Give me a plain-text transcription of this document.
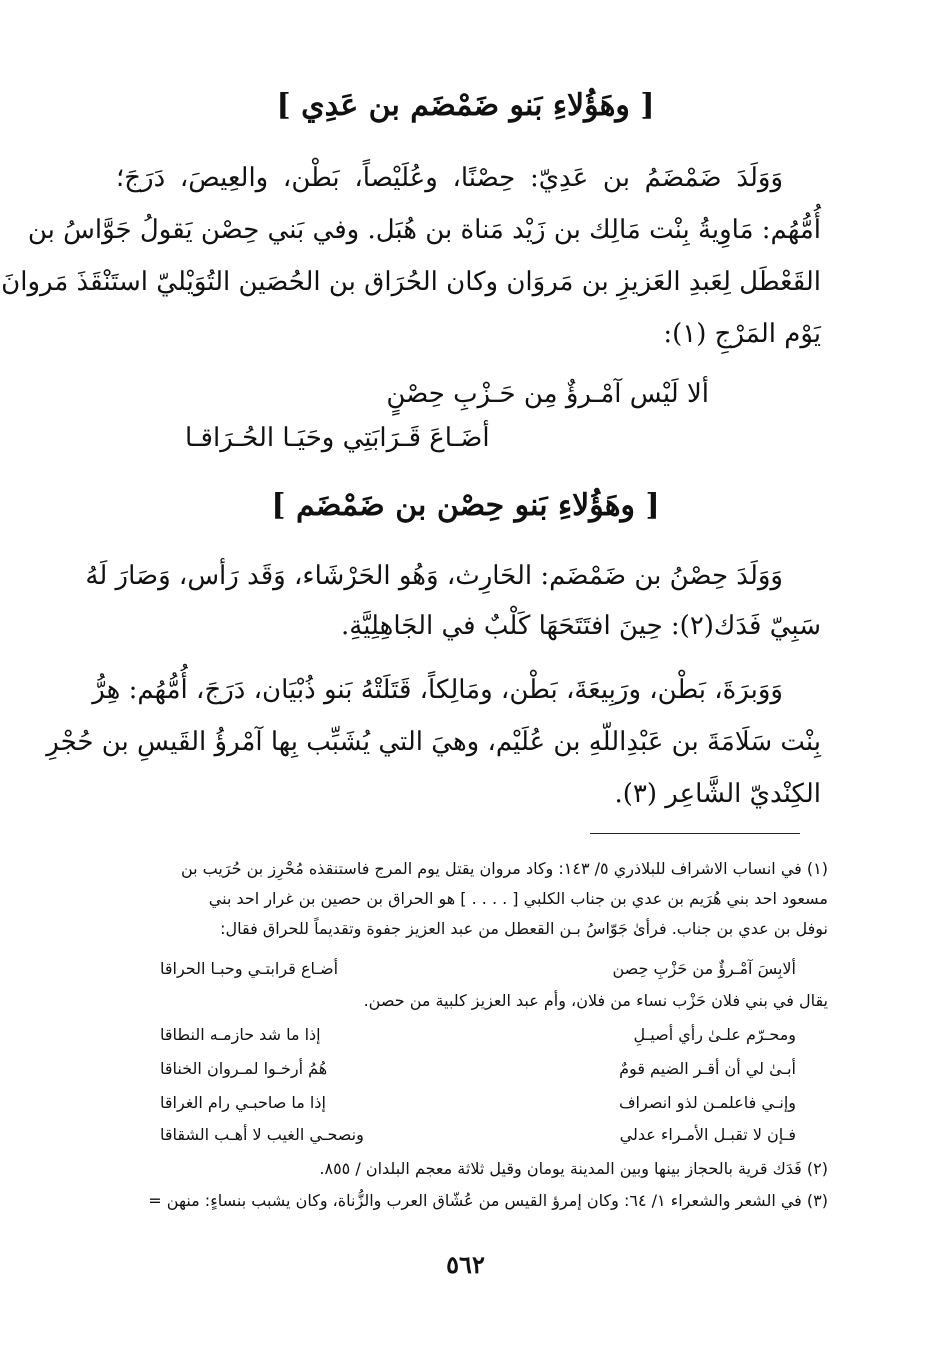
[ وهَؤُلاءِ بَنو ضَمْضَم بن عَدِي ]
وَوَلَدَ ضَمْضَمُ بن عَدِيّ: حِصْنًا، وعُلَيْصاً، بَطْن، والعِيصَ، دَرَجَ؛
أُمُّهُم: مَاوِيةُ بِنْت مَالِك بن زَيْد مَناة بن هُبَل. وفي بَني حِصْن يَقولُ جَوَّاسُ بن
القَعْطَل لِعَبدِ العَزيزِ بن مَروَان وكان الحُرَاق بن الحُصَين التُوَيْليّ استَنْقَذَ مَروانَ
يَوْم المَرْجِ (١):
ألا لَيْس آمْـرؤٌ مِن حَـزْبِ حِصْنٍ
أضَـاعَ قَـرَابَتِي وحَيَـا الحُـرَاقـا
[ وهَؤُلاءِ بَنو حِصْن بن ضَمْضَم ]
وَوَلَدَ حِصْنُ بن ضَمْضَم: الحَارِث، وَهُو الحَرْشَاء، وَقَد رَأس، وَصَارَ لَهُ
سَبِيّ فَدَك(٢): حِينَ افتَتَحَهَا كَلْبٌ في الجَاهِلِيَّةِ.
وَوَبرَةَ، بَطْن، ورَبِيعَةَ، بَطْن، ومَالِكاً، قَتَلَتْهُ بَنو ذُبْيَان، دَرَجَ، أُمُّهُم: هِرُّ
بِنْت سَلَامَةَ بن عَبْدِاللّهِ بن عُلَيْم، وهيَ التي يُشَبِّب بِها آمْرؤُ القَيسِ بن حُجْرِ
الكِنْديّ الشَّاعِر (٣).
(١) في انساب الاشراف للبلاذري ٥/ ١٤٣: وكاد مروان يقتل يوم المرج فاستنقذه مُحْرِز بن حُرَيب بن
مسعود احد بني هُرَيم بن عدي بن جناب الكلبي [ . . . . ] هو الحراق بن حصين بن غرار احد بني
نوفل بن عدي بن جناب. فرأىٰ جَوّاسُ بـن القعطل من عبد العزيز جفوة وتقديماً للحراق فقال:
ألابِسَ آمْـرؤٌ من حَزْبِ حِصن
أضـاع قرابتـي وحبـا الحراقا
يقال في بني فلان حَزْب نساء من فلان، وأم عبد العزيز كلبية من حصن.
ومحـرّم علـىٰ رأي أصيـلِ
إذا ما شد حازمـه النطاقا
أبـىٰ لي أن أقـر الضيم قومٌ
هُمُ أرخـوا لمـروان الخناقا
وإنـي فاعلمـن لذو انصراف
إذا ما صاحبـي رام الغراقا
فـإن لا تقبـل الأمـراء عدلي
ونصحـي الغيب لا أهـب الشقاقا
(٢) فَدَك قرية بالحجاز بينها وبين المدينة يومان وقيل ثلاثة معجم البلدان / ٨٥٥.
(٣) في الشعر والشعراء ١/ ٦٤: وكان إمرؤ القيس من عُشّاق العرب والزُّناة، وكان يشبب بنساءٍ: منهن =
٥٦٢
